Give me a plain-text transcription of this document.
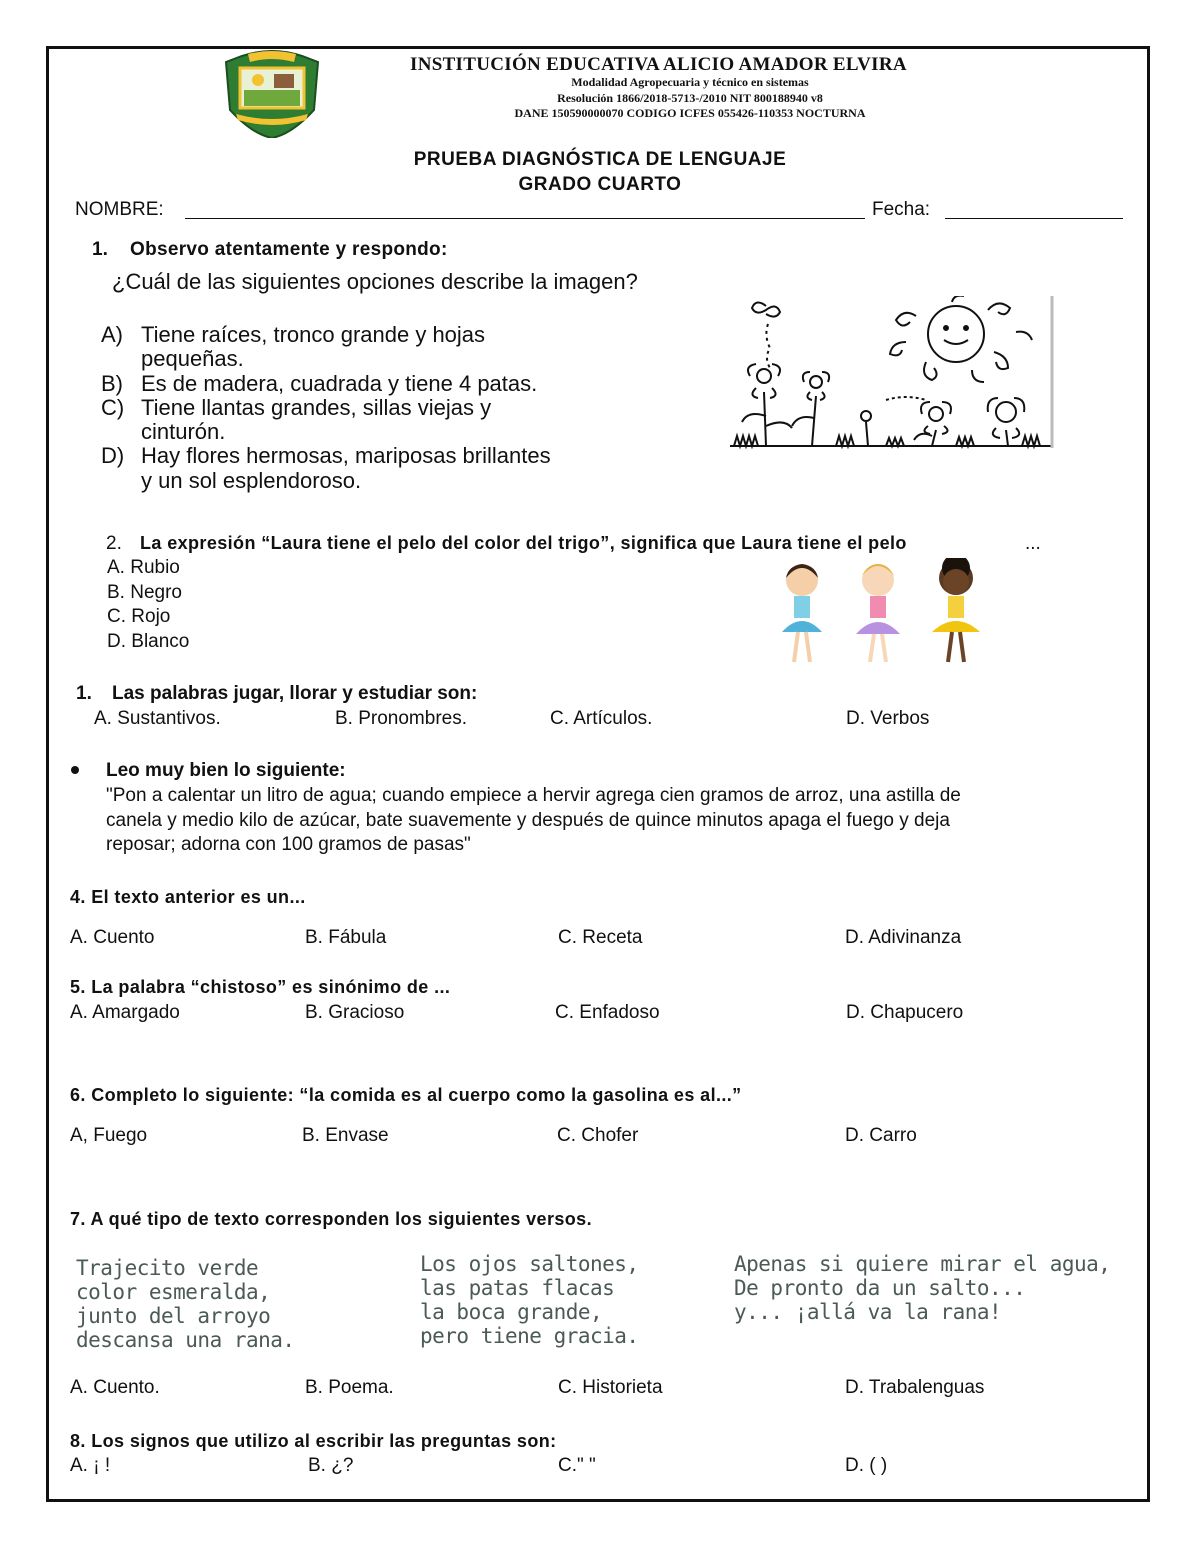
INSTITUCIÓN EDUCATIVA ALICIO AMADOR ELVIRA
Modalidad Agropecuaria y técnico en sistemas
Resolución 1866/2018-5713-/2010 NIT 800188940 v8
DANE 150590000070 CODIGO ICFES 055426-110353 NOCTURNA
PRUEBA DIAGNÓSTICA DE LENGUAJE
GRADO CUARTO
NOMBRE:	Fecha:
1. Observo atentamente y respondo:
¿Cuál de las siguientes opciones describe la imagen?
A) Tiene raíces, tronco grande y hojas
pequeñas.
B) Es de madera, cuadrada y tiene 4 patas.
C) Tiene llantas grandes, sillas viejas y
cinturón.
D) Hay flores hermosas, mariposas brillantes
y un sol esplendoroso.
2. La expresión “Laura tiene el pelo del color del trigo”, significa que Laura tiene el pelo	...
A. Rubio
B. Negro
C. Rojo
D. Blanco
1. Las palabras jugar, llorar y estudiar son:
A. Sustantivos.	B. Pronombres.	C. Artículos.	D. Verbos
Leo muy bien lo siguiente:
"Pon a calentar un litro de agua; cuando empiece a hervir agrega cien gramos de arroz, una astilla de
canela y medio kilo de azúcar, bate suavemente y después de quince minutos apaga el fuego y deja
reposar; adorna con 100 gramos de pasas"
4. El texto anterior es un...
A. Cuento	B. Fábula	C. Receta	D. Adivinanza
5. La palabra “chistoso” es sinónimo de ...
A. Amargado	B. Gracioso	C. Enfadoso	D. Chapucero
6. Completo lo siguiente: “la comida es al cuerpo como la gasolina es al...”
A, Fuego	B. Envase	C. Chofer	D. Carro
7. A qué tipo de texto corresponden los siguientes versos.
Trajecito verde
color esmeralda,
junto del arroyo
descansa una rana.
Los ojos saltones,
las patas flacas
la boca grande,
pero tiene gracia.
Apenas si quiere mirar el agua,
De pronto da un salto...
y... ¡allá va la rana!
A. Cuento.	B. Poema.	C. Historieta	D. Trabalenguas
8. Los signos que utilizo al escribir las preguntas son:
A. ¡ !	B. ¿?	C." "	D. ( )
